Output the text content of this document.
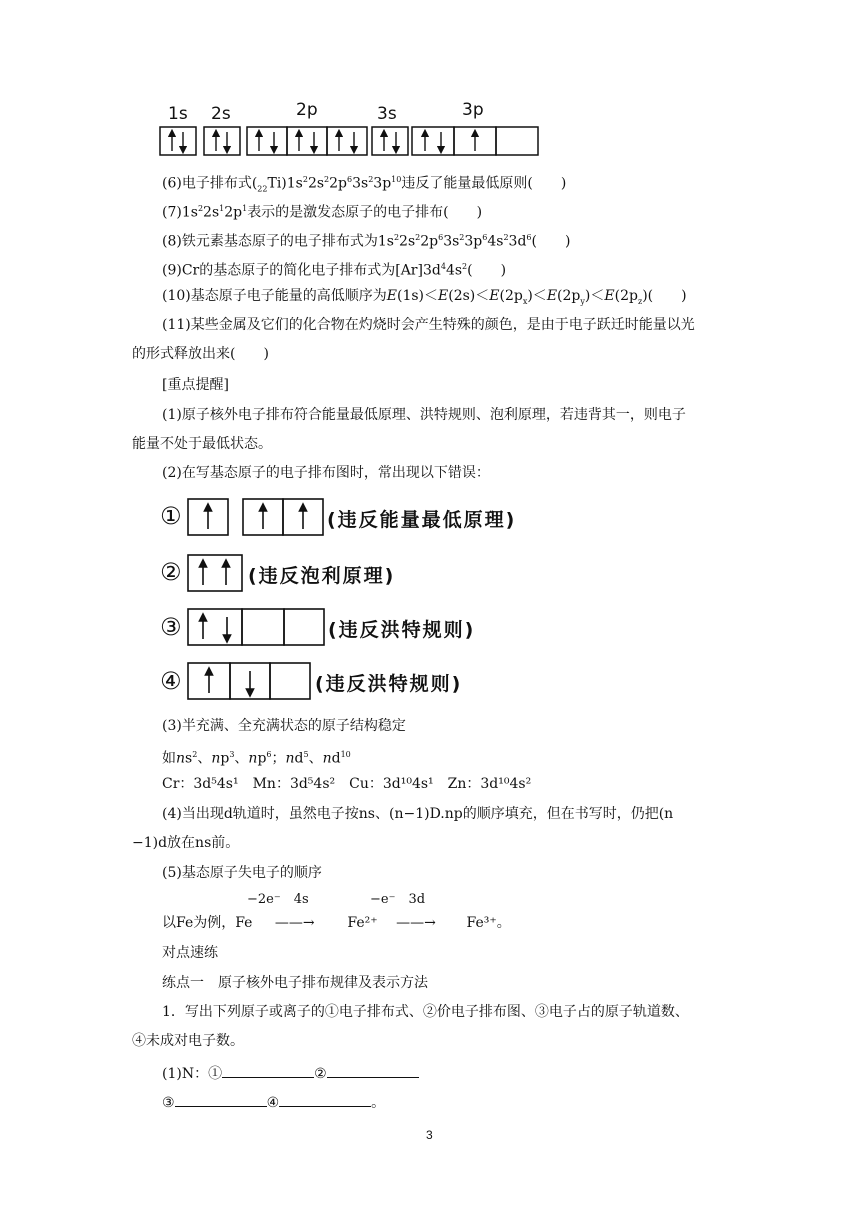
1s 2s	2p	3s	3p
(6)电子排布式$(_{22}Ti)1s^22s^22p^63s^23p^{10}$违反了能量最低原则(　　)
$(7)1s^22s^12p^1$表示的是激发态原子的电子排布(　　)
(8)铁元素基态原子的电子排布式为$1s^22s^22p^63s^23p^64s^23d^6$(　　)
(9)Cr的基态原子的简化电子排布式为$[Ar]3d^44s^2$(　　)
(10)基态原子电子能量的高低顺序为$E(1s)<E(2s)<E(2p_x)<E(2p_y)<E(2p_z)$(　　)
(11)某些金属及它们的化合物在灼烧时会产生特殊的颜色，是由于电子跃迁时能量以光
的形式释放出来(　　)
[重点提醒]
(1)原子核外电子排布符合能量最低原理、洪特规则、泡利原理，若违背其一，则电子
能量不处于最低状态。
(2)在写基态原子的电子排布图时，常出现以下错误：
①	(违反能量最低原理)
②	(违反泡利原理)
③	(违反洪特规则)
④	(违反洪特规则)
(3)半充满、全充满状态的原子结构稳定
如$ns^2$、$np^3$、$np^6$；$nd^5$、$nd^{10}$
Cr：3d⁵4s¹　Mn：3d⁵4s²　Cu：3d¹⁰4s¹　Zn：3d¹⁰4s²
(4)当出现d轨道时，虽然电子按ns、(n−1)D.np的顺序填充，但在书写时，仍把(n
−1)d放在ns前。
(5)基态原子失电子的顺序
−2e⁻　4s	−e⁻　3d
以Fe为例，Fe ——→ Fe²⁺ ——→ Fe³⁺。
对点速练
练点一　原子核外电子排布规律及表示方法
1．写出下列原子或离子的①电子排布式、②价电子排布图、③电子占的原子轨道数、
④未成对电子数。
(1)N：①	②
③	④	。
3
